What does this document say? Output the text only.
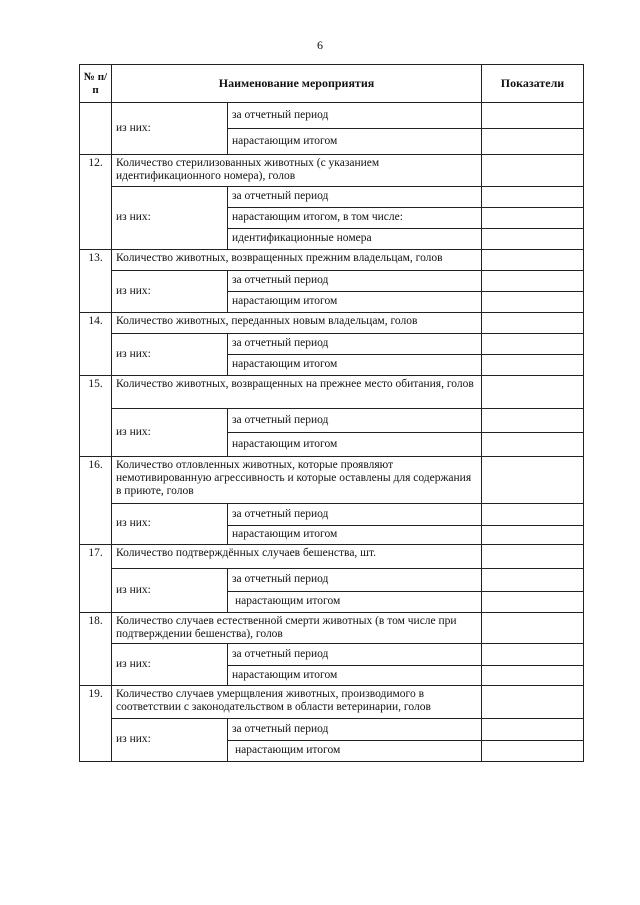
6
№ п/п	Наименование мероприятия		Показатели
	из них:	за отчетный период	
		нарастающим итогом	
12.	Количество стерилизованных животных (с указанием идентификационного номера), голов		
	из них:	за отчетный период	
		нарастающим итогом, в том числе:	
		идентификационные номера	
13.	Количество животных, возвращенных прежним владельцам, голов		
	из них:	за отчетный период	
		нарастающим итогом	
14.	Количество животных, переданных новым владельцам, голов		
	из них:	за отчетный период	
		нарастающим итогом	
15.	Количество животных, возвращенных на прежнее место обитания, голов		
	из них:	за отчетный период	
		нарастающим итогом	
16.	Количество отловленных животных, которые проявляют немотивированную агрессивность и которые оставлены для содержания в приюте, голов		
	из них:	за отчетный период	
		нарастающим итогом	
17.	Количество подтверждённых случаев бешенства, шт.		
	из них:	за отчетный период	
		нарастающим итогом	
18.	Количество случаев естественной смерти животных (в том числе при подтверждении бешенства), голов		
	из них:	за отчетный период	
		нарастающим итогом	
19.	Количество случаев умерщвления животных, производимого в соответствии с законодательством в области ветеринарии, голов		
	из них:	за отчетный период	
		нарастающим итогом	
